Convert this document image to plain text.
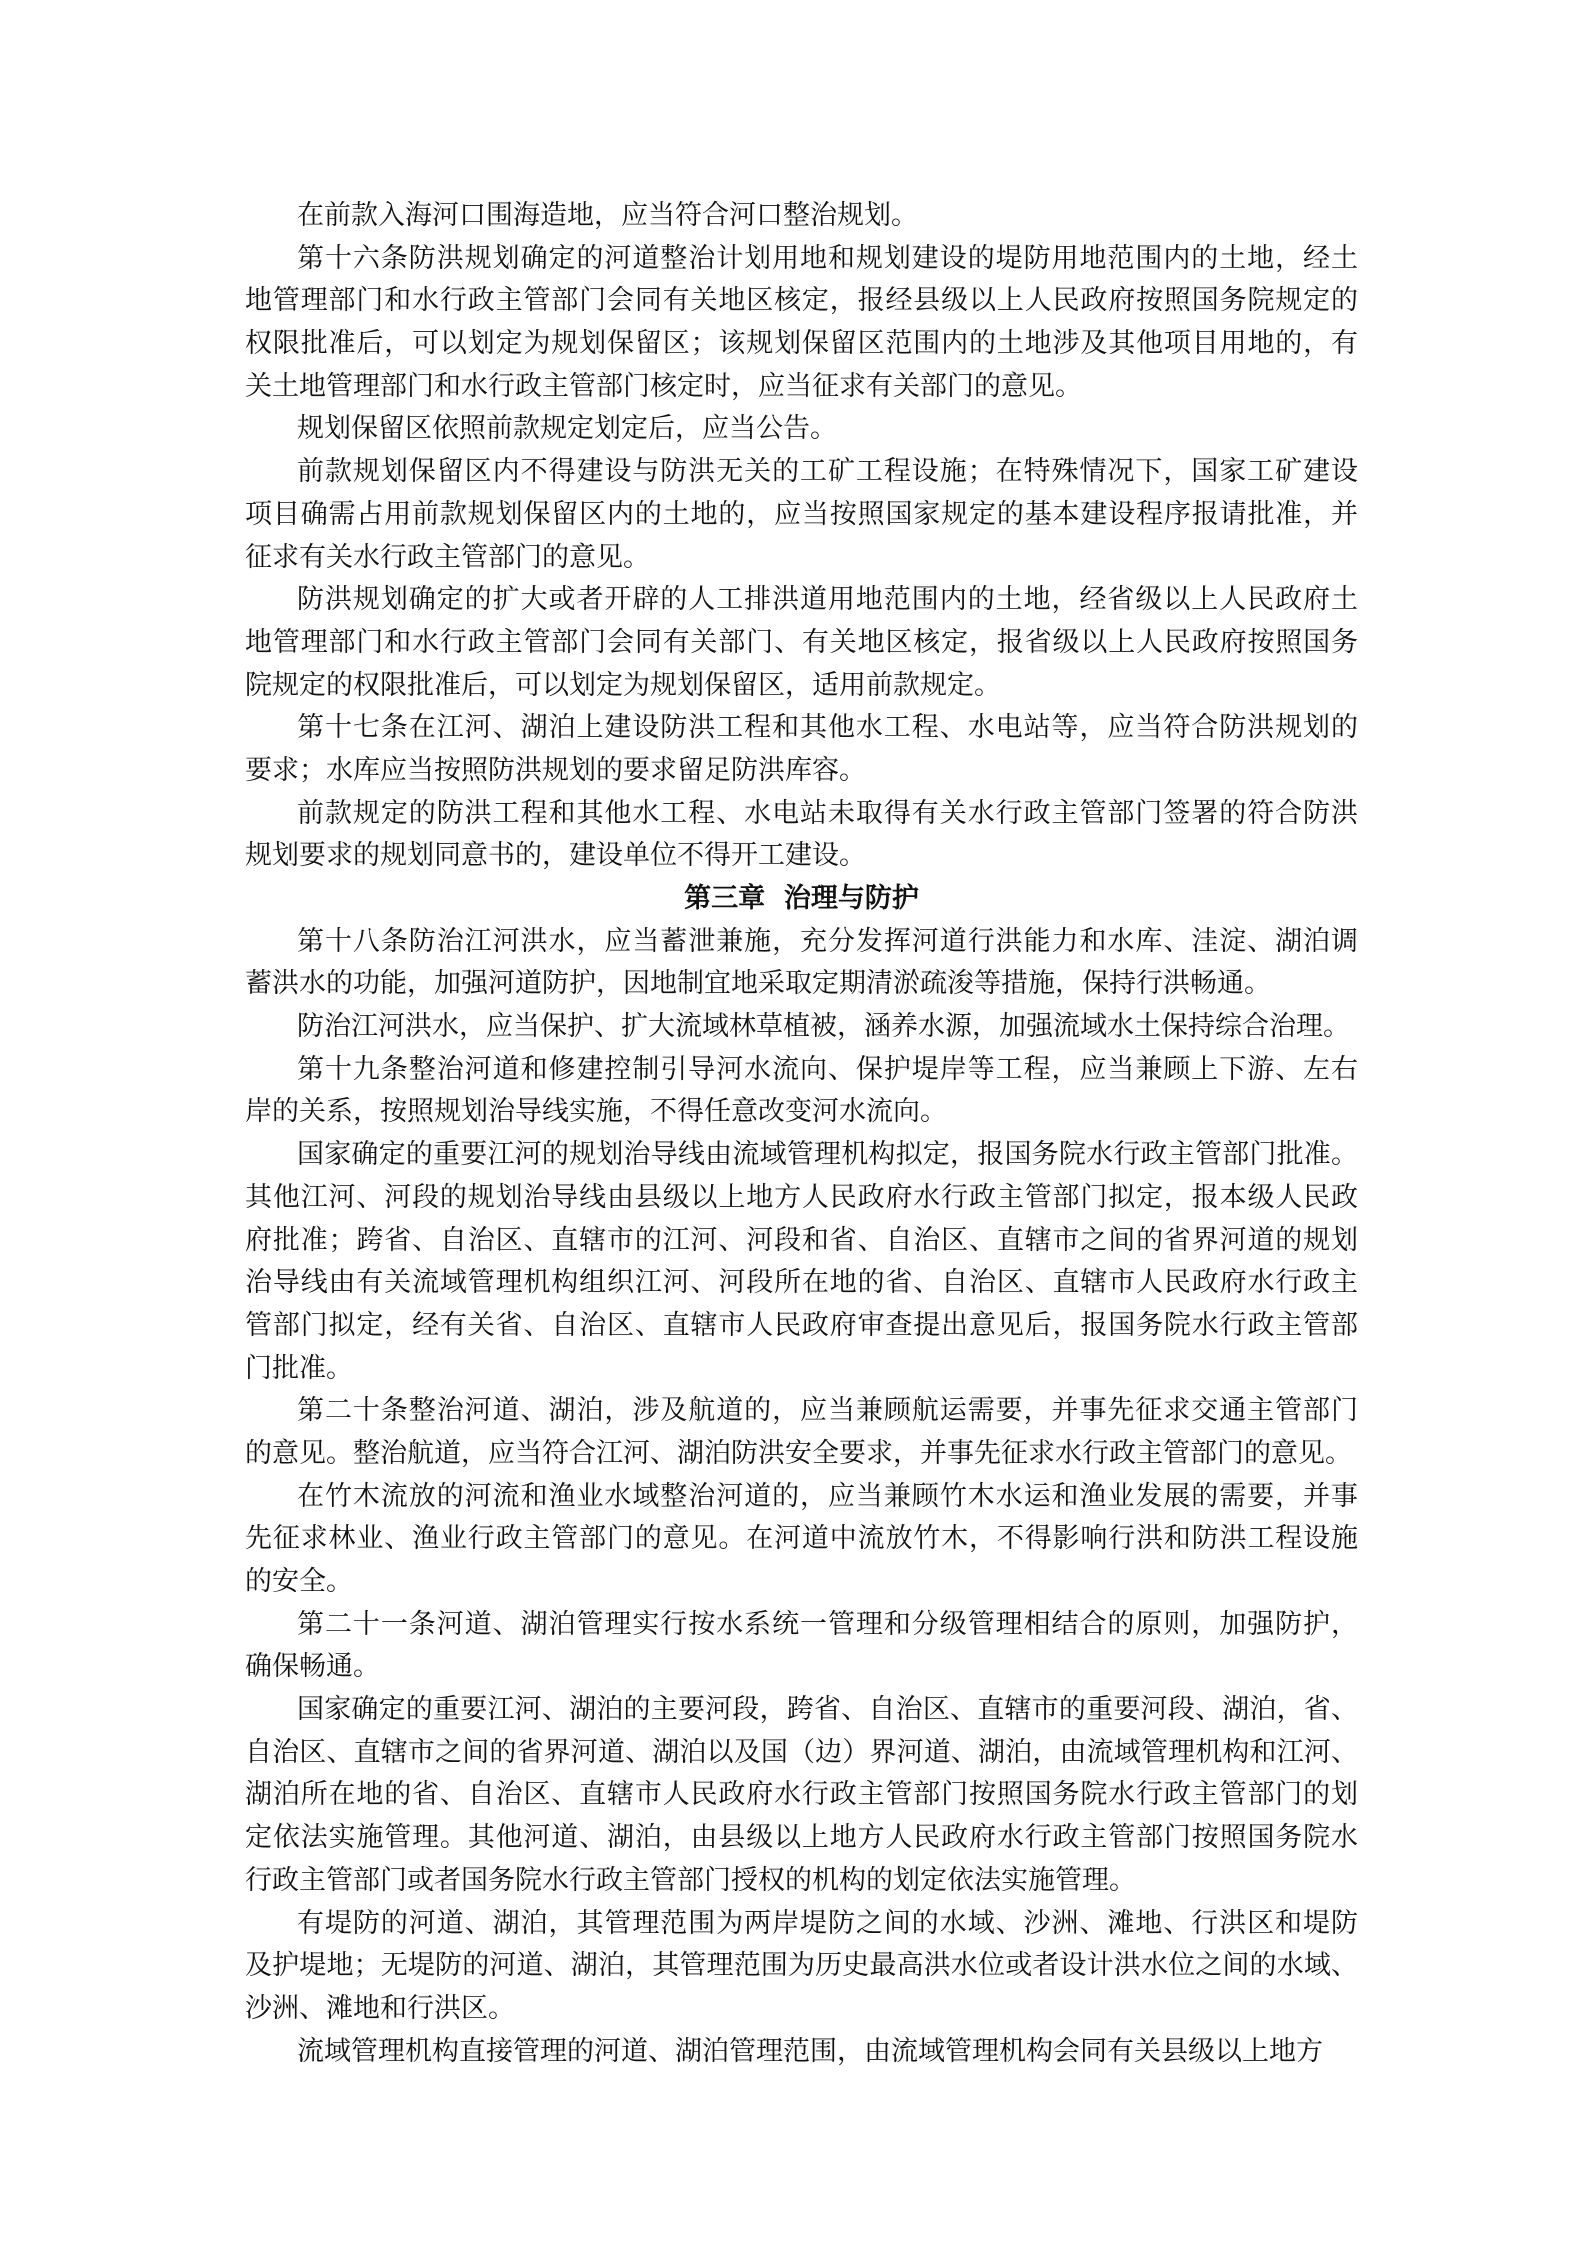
在前款入海河口围海造地，应当符合河口整治规划。
第十六条防洪规划确定的河道整治计划用地和规划建设的堤防用地范围内的土地，经土
地管理部门和水行政主管部门会同有关地区核定，报经县级以上人民政府按照国务院规定的
权限批准后，可以划定为规划保留区；该规划保留区范围内的土地涉及其他项目用地的，有
关土地管理部门和水行政主管部门核定时，应当征求有关部门的意见。
规划保留区依照前款规定划定后，应当公告。
前款规划保留区内不得建设与防洪无关的工矿工程设施；在特殊情况下，国家工矿建设
项目确需占用前款规划保留区内的土地的，应当按照国家规定的基本建设程序报请批准，并
征求有关水行政主管部门的意见。
防洪规划确定的扩大或者开辟的人工排洪道用地范围内的土地，经省级以上人民政府土
地管理部门和水行政主管部门会同有关部门、有关地区核定，报省级以上人民政府按照国务
院规定的权限批准后，可以划定为规划保留区，适用前款规定。
第十七条在江河、湖泊上建设防洪工程和其他水工程、水电站等，应当符合防洪规划的
要求；水库应当按照防洪规划的要求留足防洪库容。
前款规定的防洪工程和其他水工程、水电站未取得有关水行政主管部门签署的符合防洪
规划要求的规划同意书的，建设单位不得开工建设。
第三章  治理与防护
第十八条防治江河洪水，应当蓄泄兼施，充分发挥河道行洪能力和水库、洼淀、湖泊调
蓄洪水的功能，加强河道防护，因地制宜地采取定期清淤疏浚等措施，保持行洪畅通。
防治江河洪水，应当保护、扩大流域林草植被，涵养水源，加强流域水土保持综合治理。
第十九条整治河道和修建控制引导河水流向、保护堤岸等工程，应当兼顾上下游、左右
岸的关系，按照规划治导线实施，不得任意改变河水流向。
国家确定的重要江河的规划治导线由流域管理机构拟定，报国务院水行政主管部门批准。
其他江河、河段的规划治导线由县级以上地方人民政府水行政主管部门拟定，报本级人民政
府批准；跨省、自治区、直辖市的江河、河段和省、自治区、直辖市之间的省界河道的规划
治导线由有关流域管理机构组织江河、河段所在地的省、自治区、直辖市人民政府水行政主
管部门拟定，经有关省、自治区、直辖市人民政府审查提出意见后，报国务院水行政主管部
门批准。
第二十条整治河道、湖泊，涉及航道的，应当兼顾航运需要，并事先征求交通主管部门
的意见。整治航道，应当符合江河、湖泊防洪安全要求，并事先征求水行政主管部门的意见。
在竹木流放的河流和渔业水域整治河道的，应当兼顾竹木水运和渔业发展的需要，并事
先征求林业、渔业行政主管部门的意见。在河道中流放竹木，不得影响行洪和防洪工程设施
的安全。
第二十一条河道、湖泊管理实行按水系统一管理和分级管理相结合的原则，加强防护，
确保畅通。
国家确定的重要江河、湖泊的主要河段，跨省、自治区、直辖市的重要河段、湖泊，省、
自治区、直辖市之间的省界河道、湖泊以及国（边）界河道、湖泊，由流域管理机构和江河、
湖泊所在地的省、自治区、直辖市人民政府水行政主管部门按照国务院水行政主管部门的划
定依法实施管理。其他河道、湖泊，由县级以上地方人民政府水行政主管部门按照国务院水
行政主管部门或者国务院水行政主管部门授权的机构的划定依法实施管理。
有堤防的河道、湖泊，其管理范围为两岸堤防之间的水域、沙洲、滩地、行洪区和堤防
及护堤地；无堤防的河道、湖泊，其管理范围为历史最高洪水位或者设计洪水位之间的水域、
沙洲、滩地和行洪区。
流域管理机构直接管理的河道、湖泊管理范围，由流域管理机构会同有关县级以上地方
